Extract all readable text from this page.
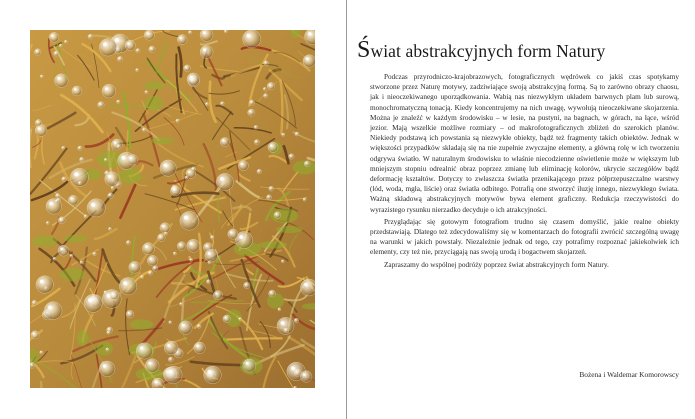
Świat abstrakcyjnych form Natury

Podczas przyrodniczo-krajobrazowych, fotograficznych wędrówek co jakiś czas spotykamy stworzone przez Naturę motywy, zadziwiające swoją abstrakcyjną formą. Są to zarówno obrazy chaosu, jak i nieoczekiwanego uporządkowania. Wabią nas niezwykłym układem barwnych plam lub surową, monochromatyczną tonacją. Kiedy koncentrujemy na nich uwagę, wywołują nieoczekiwane skojarzenia. Można je znaleźć w każdym środowisku – w lesie, na pustyni, na bagnach, w górach, na łące, wśród jezior. Mają wszelkie możliwe rozmiary – od makrofotograficznych zbliżeń do szerokich planów. Niekiedy podstawą ich powstania są niezwykłe obiekty, bądź też fragmenty takich obiektów. Jednak w większości przypadków składają się na nie zupełnie zwyczajne elementy, a główną rolę w ich tworzeniu odgrywa światło. W naturalnym środowisku to właśnie niecodzienne oświetlenie może w większym lub mniejszym stopniu odrealnić obraz poprzez zmianę lub eliminację kolorów, ukrycie szczegółów bądź deformację kształtów. Dotyczy to zwłaszcza światła przenikającego przez półprzepuszczalne warstwy (lód, woda, mgła, liście) oraz światła odbitego. Potrafią one stworzyć iluzję innego, niezwykłego świata. Ważną składową abstrakcyjnych motywów bywa element graficzny. Redukcja rzeczywistości do wyrazistego rysunku nierzadko decyduje o ich atrakcyjności.

Przyglądając się gotowym fotografiom trudno się czasem domyślić, jakie realne obiekty przedstawiają. Dlatego też zdecydowaliśmy się w komentarzach do fotografii zwrócić szczególną uwagę na warunki w jakich powstały. Niezależnie jednak od tego, czy potrafimy rozpoznać jakiekolwiek ich elementy, czy też nie, przyciągają nas swoją urodą i bogactwem skojarzeń.

Zapraszamy do wspólnej podróży poprzez świat abstrakcyjnych form Natury.

Bożena i Waldemar Komorowscy
